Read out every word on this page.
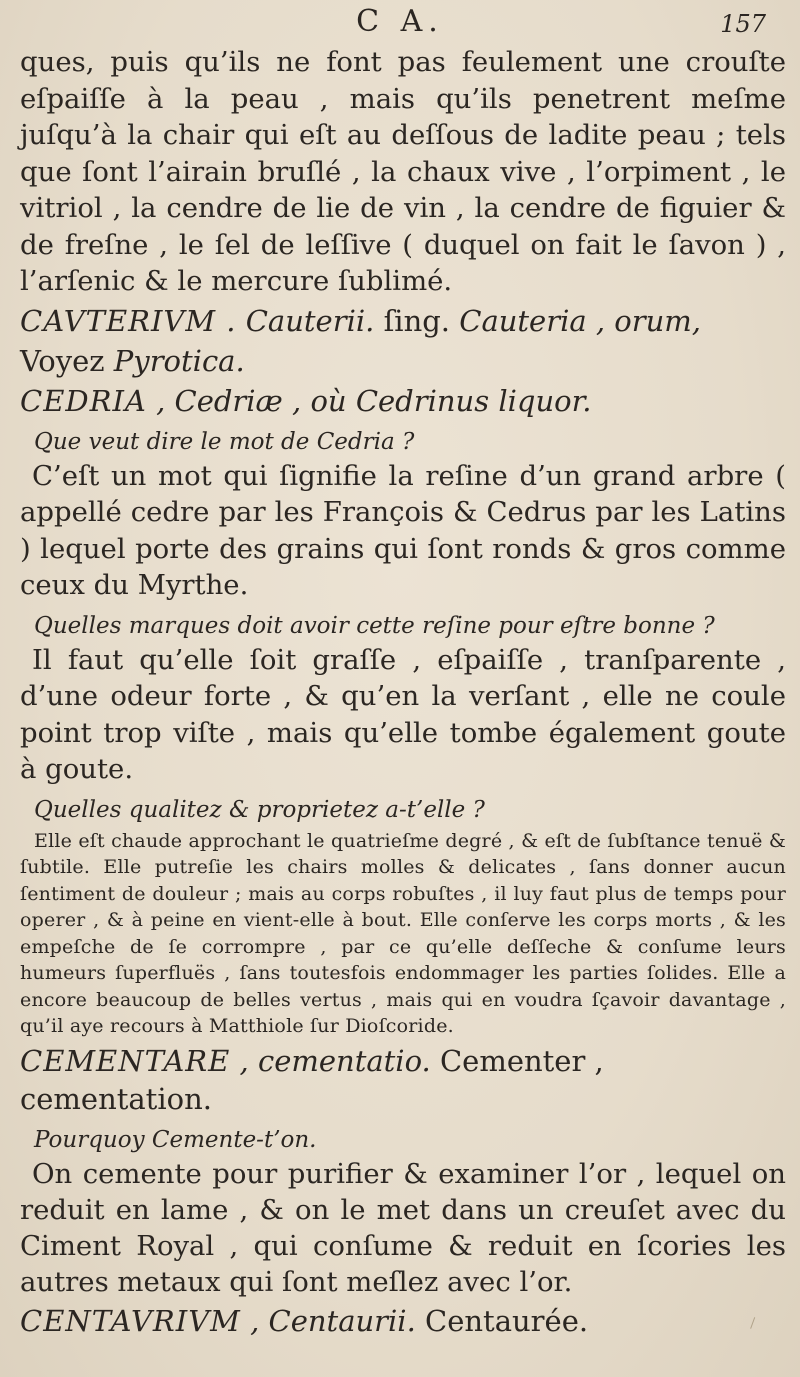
C A.	157

ques, puis qu’ils ne font pas feulement une crouſte eſpaiſſe à la peau , mais qu’ils penetrent meſme juſqu’à la chair qui eſt au deſſous de ladite peau ; tels que ſont l’airain bruſlé , la chaux vive , l’orpiment , le vitriol , la cendre de lie de vin , la cendre de figuier & de freſne , le ſel de leſſive ( duquel on fait le ſavon ) , l’arſenic & le mercure ſublimé.

CAVTERIVM . Cauterii. ſing. Cauteria , orum,

Voyez Pyrotica.

CEDRIA , Cedriæ , où Cedrinus liquor.

Que veut dire le mot de Cedria ?

C’eſt un mot qui ſignifie la reſine d’un grand arbre ( appellé cedre par les François & Cedrus par les Latins ) lequel porte des grains qui ſont ronds & gros comme ceux du Myrthe.

Quelles marques doit avoir cette reſine pour eſtre bonne ?

Il faut qu’elle ſoit graſſe , eſpaiſſe , tranſparente , d’une odeur forte , & qu’en la verſant , elle ne coule point trop viſte , mais qu’elle tombe également goute à goute.

Quelles qualitez & proprietez a-t’elle ?

Elle eſt chaude approchant le quatrieſme degré , & eſt de ſubſtance tenuë & ſubtile. Elle putreſie les chairs molles & delicates , ſans donner aucun ſentiment de douleur ; mais au corps robuſtes , il luy faut plus de temps pour operer , & à peine en vient-elle à bout. Elle conſerve les corps morts , & les empeſche de ſe corrompre , par ce qu’elle deſſeche & conſume leurs humeurs ſuperfluës , ſans toutesfois endommager les parties ſolides. Elle a encore beaucoup de belles vertus , mais qui en voudra ſçavoir davantage , qu’il aye recours à Matthiole ſur Dioſcoride.

CEMENTARE , cementatio. Cementer , cementation.

Pourquoy Cemente-t’on.

On cemente pour purifier & examiner l’or , lequel on reduit en lame , & on le met dans un creuſet avec du Ciment Royal , qui conſume & reduit en ſcories les autres metaux qui ſont meſlez avec l’or.

CENTAVRIVM , Centaurii. Centaurée.
